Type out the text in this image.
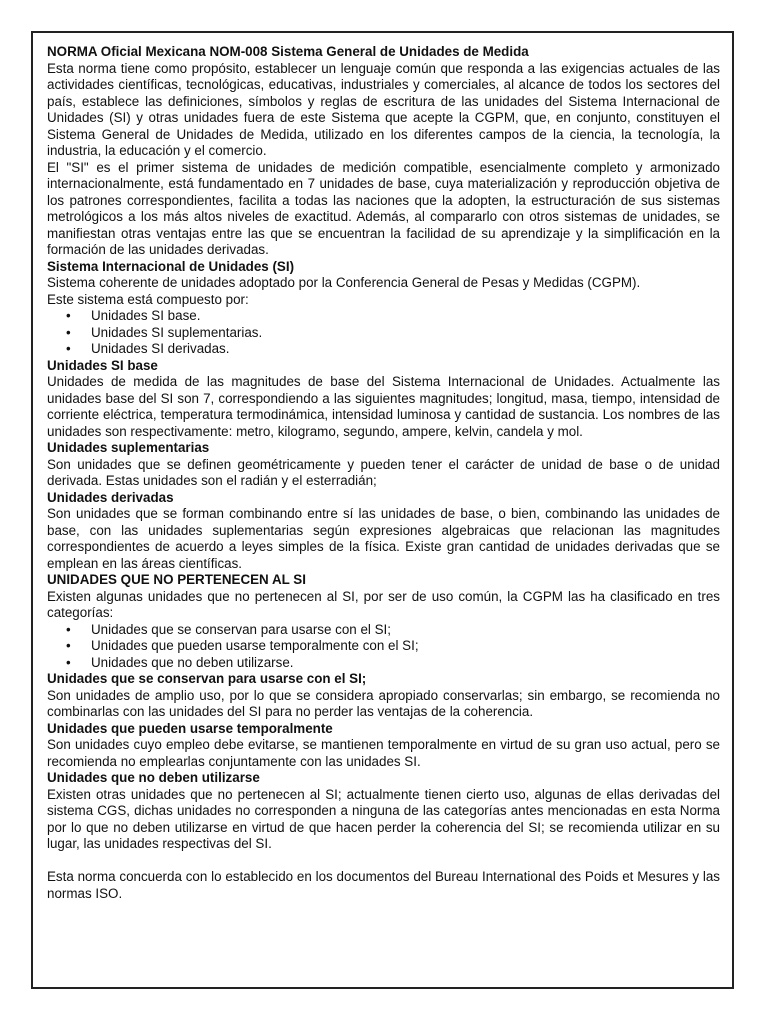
NORMA Oficial Mexicana NOM-008 Sistema General de Unidades de Medida

Esta norma tiene como propósito, establecer un lenguaje común que responda a las exigencias actuales de las actividades científicas, tecnológicas, educativas, industriales y comerciales, al alcance de todos los sectores del país, establece las definiciones, símbolos y reglas de escritura de las unidades del Sistema Internacional de Unidades (SI) y otras unidades fuera de este Sistema que acepte la CGPM, que, en conjunto, constituyen el Sistema General de Unidades de Medida, utilizado en los diferentes campos de la ciencia, la tecnología, la industria, la educación y el comercio.

El "SI" es el primer sistema de unidades de medición compatible, esencialmente completo y armonizado internacionalmente, está fundamentado en 7 unidades de base, cuya materialización y reproducción objetiva de los patrones correspondientes, facilita a todas las naciones que la adopten, la estructuración de sus sistemas metrológicos a los más altos niveles de exactitud. Además, al compararlo con otros sistemas de unidades, se manifiestan otras ventajas entre las que se encuentran la facilidad de su aprendizaje y la simplificación en la formación de las unidades derivadas.

Sistema Internacional de Unidades (SI)

Sistema coherente de unidades adoptado por la Conferencia General de Pesas y Medidas (CGPM).

Este sistema está compuesto por:

• Unidades SI base.
• Unidades SI suplementarias.
• Unidades SI derivadas.
Unidades SI base

Unidades de medida de las magnitudes de base del Sistema Internacional de Unidades. Actualmente las unidades base del SI son 7, correspondiendo a las siguientes magnitudes; longitud, masa, tiempo, intensidad de corriente eléctrica, temperatura termodinámica, intensidad luminosa y cantidad de sustancia. Los nombres de las unidades son respectivamente: metro, kilogramo, segundo, ampere, kelvin, candela y mol.

Unidades suplementarias

Son unidades que se definen geométricamente y pueden tener el carácter de unidad de base o de unidad derivada. Estas unidades son el radián y el esterradián;

Unidades derivadas

Son unidades que se forman combinando entre sí las unidades de base, o bien, combinando las unidades de base, con las unidades suplementarias según expresiones algebraicas que relacionan las magnitudes correspondientes de acuerdo a leyes simples de la física. Existe gran cantidad de unidades derivadas que se emplean en las áreas científicas.

UNIDADES QUE NO PERTENECEN AL SI

Existen algunas unidades que no pertenecen al SI, por ser de uso común, la CGPM las ha clasificado en tres categorías:

• Unidades que se conservan para usarse con el SI;
• Unidades que pueden usarse temporalmente con el SI;
• Unidades que no deben utilizarse.
Unidades que se conservan para usarse con el SI;

Son unidades de amplio uso, por lo que se considera apropiado conservarlas; sin embargo, se recomienda no combinarlas con las unidades del SI para no perder las ventajas de la coherencia.

Unidades que pueden usarse temporalmente

Son unidades cuyo empleo debe evitarse, se mantienen temporalmente en virtud de su gran uso actual, pero se recomienda no emplearlas conjuntamente con las unidades SI.

Unidades que no deben utilizarse

Existen otras unidades que no pertenecen al SI; actualmente tienen cierto uso, algunas de ellas derivadas del sistema CGS, dichas unidades no corresponden a ninguna de las categorías antes mencionadas en esta Norma por lo que no deben utilizarse en virtud de que hacen perder la coherencia del SI; se recomienda utilizar en su lugar, las unidades respectivas del SI.

Esta norma concuerda con lo establecido en los documentos del Bureau International des Poids et Mesures y las normas ISO.
